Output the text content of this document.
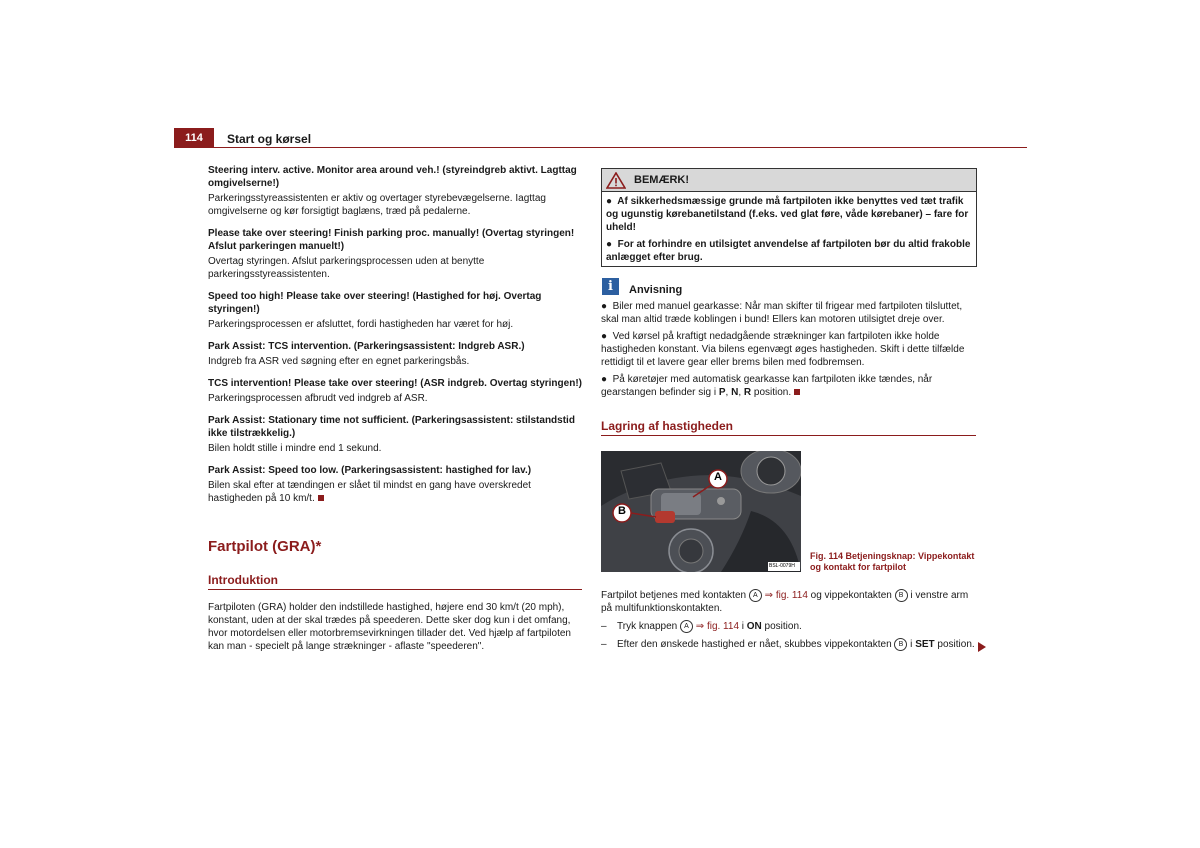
114	Start og kørsel

Steering interv. active. Monitor area around veh.! (styreindgreb aktivt. Lagttag omgivelserne!)

Parkeringsstyreassistenten er aktiv og overtager styrebevægelserne. Iagttag omgivelserne og kør forsigtigt baglæns, træd på pedalerne.

Please take over steering! Finish parking proc. manually! (Overtag styringen! Afslut parkeringen manuelt!)

Overtag styringen. Afslut parkeringsprocessen uden at benytte parkeringsstyreassistenten.

Speed too high! Please take over steering! (Hastighed for høj. Overtag styringen!)

Parkeringsprocessen er afsluttet, fordi hastigheden har været for høj.

Park Assist: TCS intervention. (Parkeringsassistent: Indgreb ASR.)

Indgreb fra ASR ved søgning efter en egnet parkeringsbås.

TCS intervention! Please take over steering! (ASR indgreb. Overtag styringen!)

Parkeringsprocessen afbrudt ved indgreb af ASR.

Park Assist: Stationary time not sufficient. (Parkeringsassistent: stilstandstid ikke tilstrækkelig.)

Bilen holdt stille i mindre end 1 sekund.

Park Assist: Speed too low. (Parkeringsassistent: hastighed for lav.)

Bilen skal efter at tændingen er slået til mindst en gang have overskredet hastigheden på 10 km/t.

Fartpilot (GRA)*
Introduktion
Fartpiloten (GRA) holder den indstillede hastighed, højere end 30 km/t (20 mph), konstant, uden at der skal trædes på speederen. Dette sker dog kun i det omfang, hvor motordelsen eller motorbremsevirkningen tillader det. Ved hjælp af fartpiloten kan man - specielt på lange strækninger - aflaste "speederen".
BEMÆRK!

●  Af sikkerhedsmæssige grunde må fartpiloten ikke benyttes ved tæt trafik og ugunstig kørebanetilstand (f.eks. ved glat føre, våde kørebaner) – fare for uheld!

●  For at forhindre en utilsigtet anvendelse af fartpiloten bør du altid frakoble anlægget efter brug.

i	Anvisning

●  Biler med manuel gearkasse: Når man skifter til frigear med fartpiloten tilsluttet, skal man altid træde koblingen i bund! Ellers kan motoren utilsigtet dreje over.

●  Ved kørsel på kraftigt nedadgående strækninger kan fartpiloten ikke holde hastigheden konstant. Via bilens egenvægt øges hastigheden. Skift i dette tilfælde rettidigt til et lavere gear eller brems bilen med fodbremsen.

●  På køretøjer med automatisk gearkasse kan fartpiloten ikke tændes, når gearstangen befinder sig i P, N, R position.

Lagring af hastigheden
A
B
BSL-0079H
Fig. 114 Betjeningsknap: Vippekontakt og kontakt for fartpilot

Fartpilot betjenes med kontakten A ⇒ fig. 114 og vippekontakten B i venstre arm på multifunktionskontakten.

– Tryk knappen A ⇒ fig. 114 i ON position.

– Efter den ønskede hastighed er nået, skubbes vippekontakten B i SET position.
